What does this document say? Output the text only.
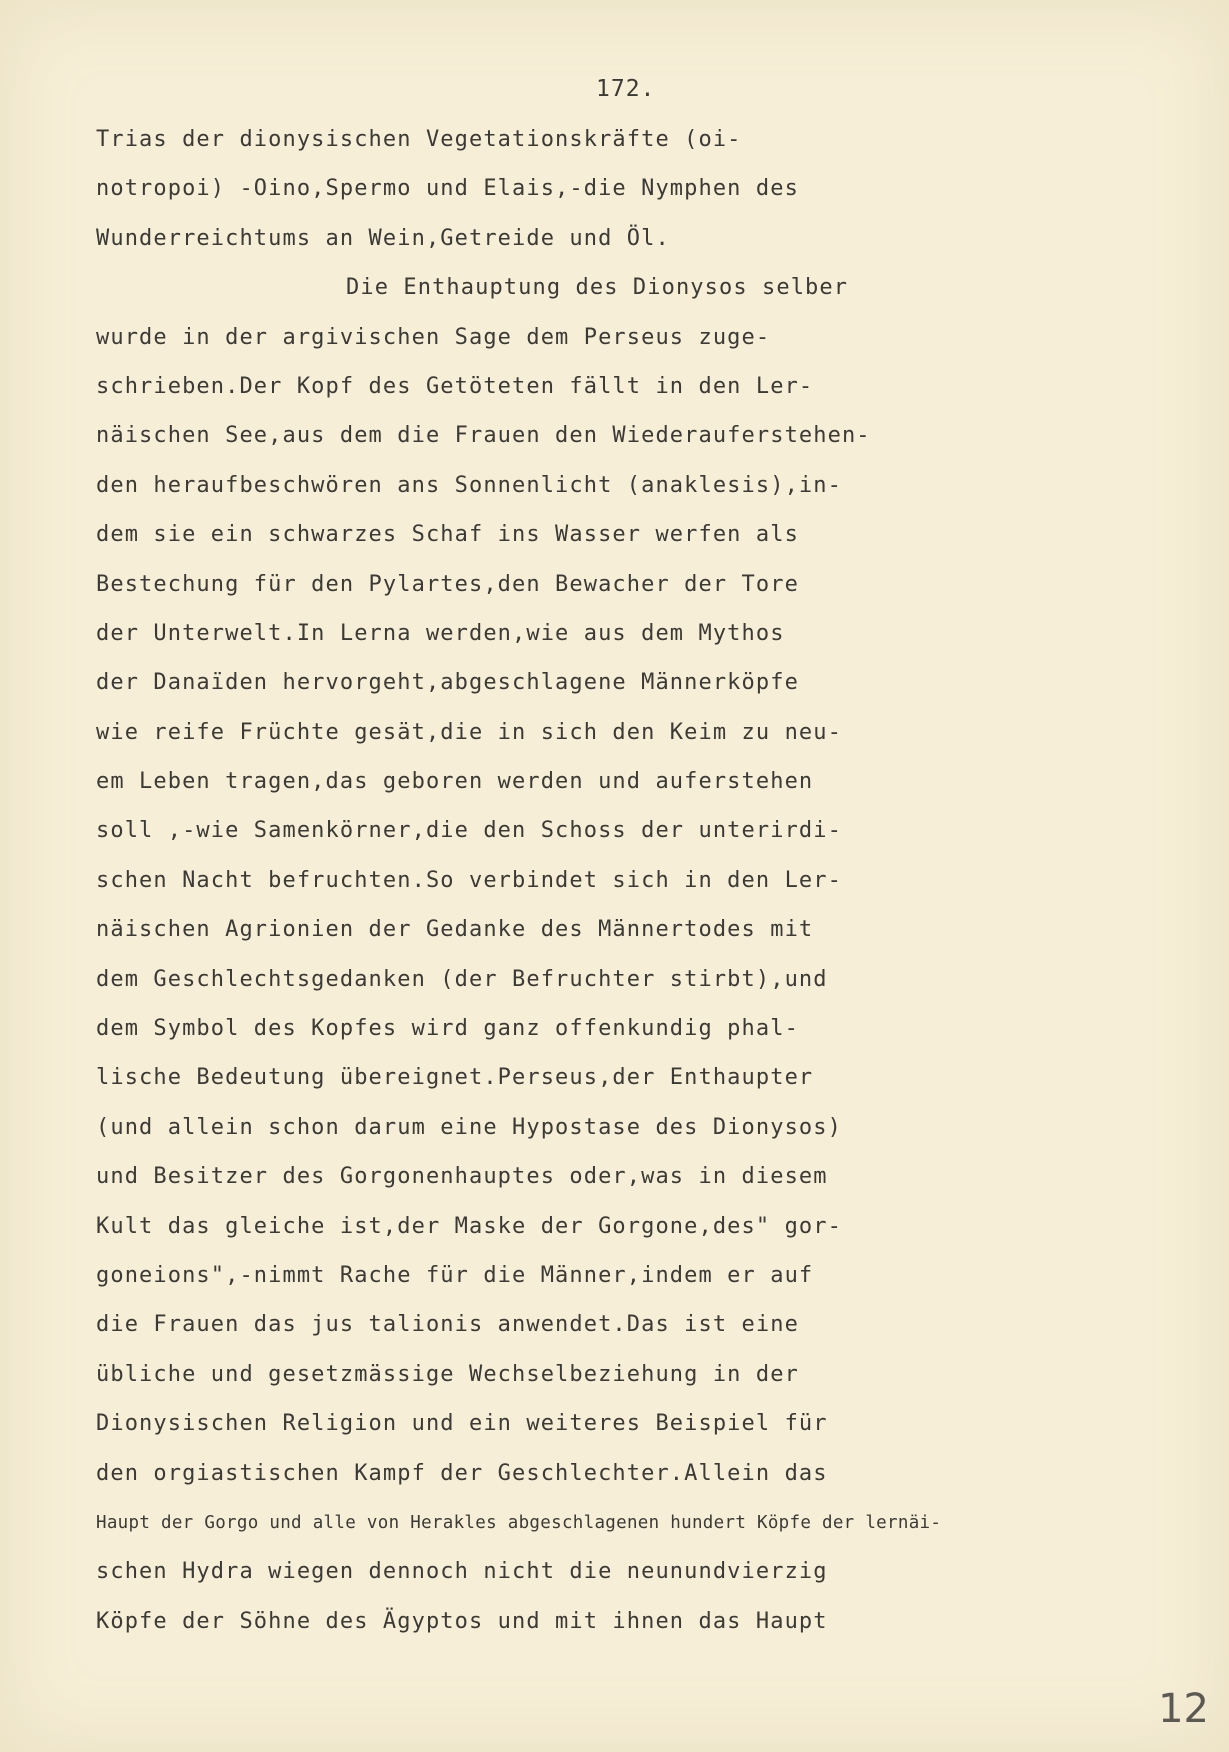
172.
Trias der dionysischen Vegetationskräfte (oi-
notropoi) -Oino,Spermo und Elais,-die Nymphen des
Wunderreichtums an Wein,Getreide und Öl.
Die Enthauptung des Dionysos selber
wurde in der argivischen Sage dem Perseus zuge-
schrieben.Der Kopf des Getöteten fällt in den Ler-
näischen See,aus dem die Frauen den Wiederauferstehen-
den heraufbeschwören ans Sonnenlicht (anaklesis),in-
dem sie ein schwarzes Schaf ins Wasser werfen als
Bestechung für den Pylartes,den Bewacher der Tore
der Unterwelt.In Lerna werden,wie aus dem Mythos
der Danaïden hervorgeht,abgeschlagene Männerköpfe
wie reife Früchte gesät,die in sich den Keim zu neu-
em Leben tragen,das geboren werden und auferstehen
soll ,-wie Samenkörner,die den Schoss der unterirdi-
schen Nacht befruchten.So verbindet sich in den Ler-
näischen Agrionien der Gedanke des Männertodes mit
dem Geschlechtsgedanken (der Befruchter stirbt),und
dem Symbol des Kopfes wird ganz offenkundig phal-
lische Bedeutung übereignet.Perseus,der Enthaupter
(und allein schon darum eine Hypostase des Dionysos)
und Besitzer des Gorgonenhauptes oder,was in diesem
Kult das gleiche ist,der Maske der Gorgone,des" gor-
goneions",-nimmt Rache für die Männer,indem er auf
die Frauen das jus talionis anwendet.Das ist eine
übliche und gesetzmässige Wechselbeziehung in der
Dionysischen Religion und ein weiteres Beispiel für
den orgiastischen Kampf der Geschlechter.Allein das
Haupt der Gorgo und alle von Herakles abgeschlagenen hundert Köpfe der lernäi-
schen Hydra wiegen dennoch nicht die neunundvierzig
Köpfe der Söhne des Ägyptos und mit ihnen das Haupt
12
